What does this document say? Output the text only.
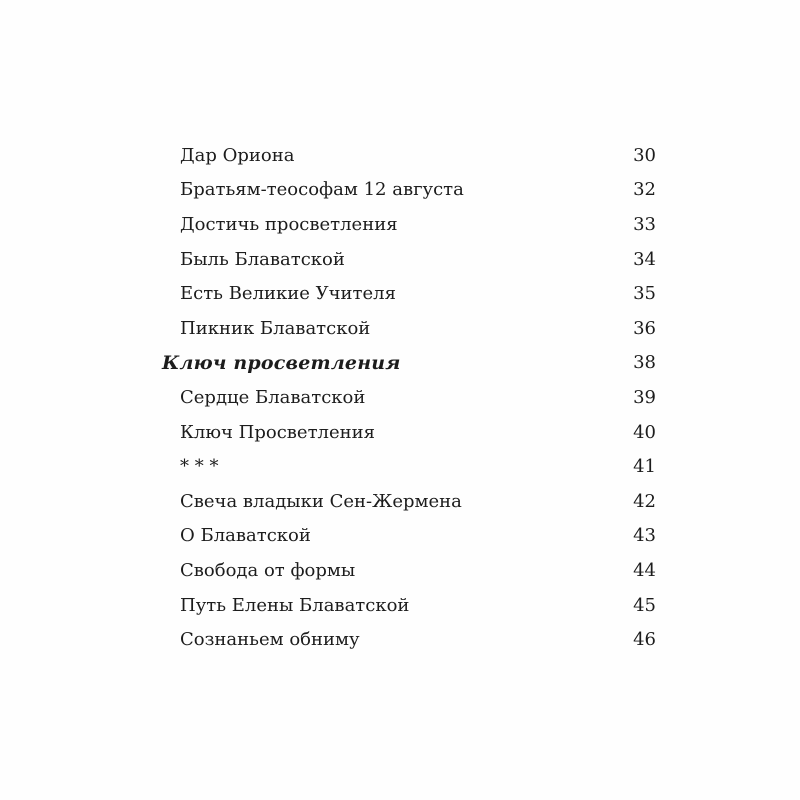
Дар Ориона	30
Братьям-теософам 12 августа	32
Достичь просветления	33
Быль Блаватской	34
Есть Великие Учителя	35
Пикник Блаватской	36
Ключ просветления	38
Сердце Блаватской	39
Ключ Просветления	40
* * *	41
Свеча владыки Сен-Жермена	42
О Блаватской	43
Свобода от формы	44
Путь Елены Блаватской	45
Сознаньем обниму	46
